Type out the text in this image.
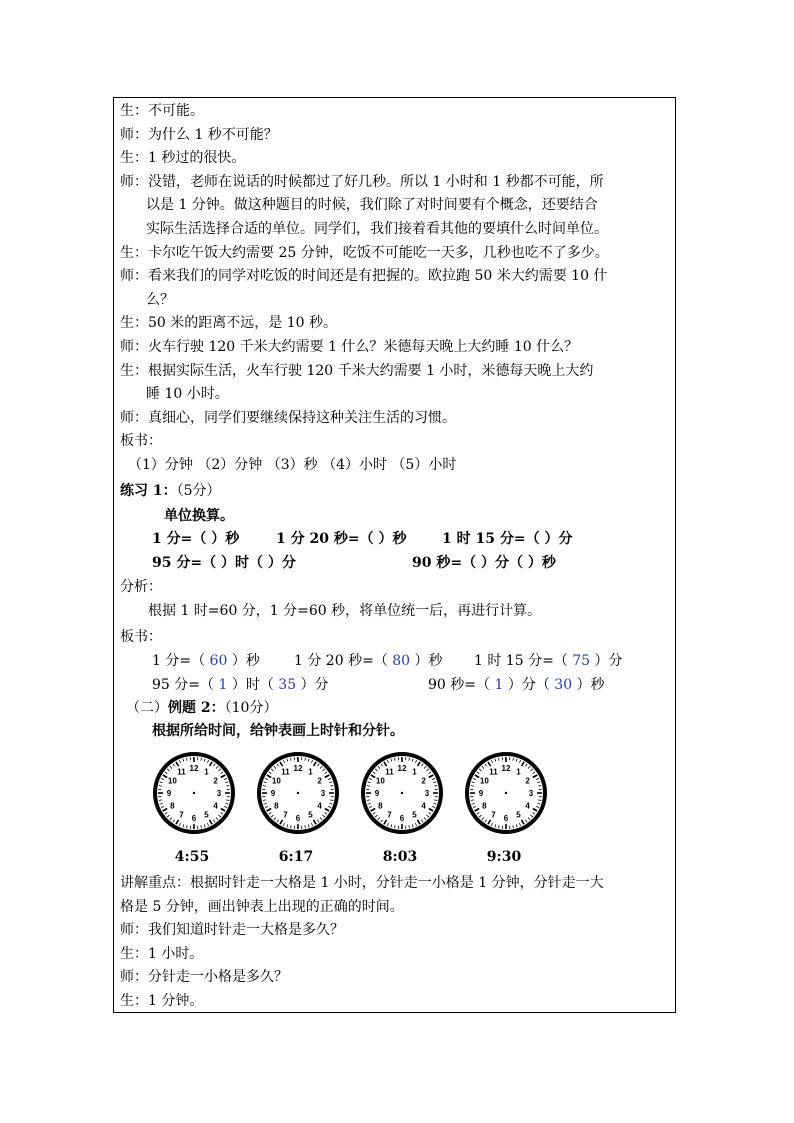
生：不可能。
师：为什么 1 秒不可能？
生：1 秒过的很快。
师：没错，老师在说话的时候都过了好几秒。所以 1 小时和 1 秒都不可能，所
以是 1 分钟。做这种题目的时候，我们除了对时间要有个概念，还要结合
实际生活选择合适的单位。同学们，我们接着看其他的要填什么时间单位。
生：卡尔吃午饭大约需要 25 分钟，吃饭不可能吃一天多，几秒也吃不了多少。
师：看来我们的同学对吃饭的时间还是有把握的。欧拉跑 50 米大约需要 10 什
么？
生：50 米的距离不远，是 10 秒。
师：火车行驶 120 千米大约需要 1 什么？米德每天晚上大约睡 10 什么？
生：根据实际生活，火车行驶 120 千米大约需要 1 小时，米德每天晚上大约
睡 10 小时。
师：真细心，同学们要继续保持这种关注生活的习惯。
板书：
（1）分钟 （2）分钟 （3）秒 （4）小时 （5）小时
练习 1：（5分）
单位换算。
1 分=（ ）秒	1 分 20 秒=（ ）秒	1 时 15 分=（ ）分
95 分=（ ）时（ ）分	90 秒=（ ）分（ ）秒
分析：
根据 1 时=60 分，1 分=60 秒，将单位统一后，再进行计算。
板书：
1 分=（ 60 ）秒 1 分 20 秒=（ 80 ）秒 1 时 15 分=（ 75 ）分
95 分=（ 1 ）时（ 35 ）分	90 秒=（ 1 ）分（ 30 ）秒
（二）例题 2：（10分）
根据所给时间，给钟表画上时针和分针。
12 1
2
3
4
5
6
7
8
9
10
11	12 1
2
3
4
5
6
7
8
9
10
11	12 1
2
3
4
5
6
7
8
9
10
11	12 1
2
3
4
5
6
7
8
9
10
11
4:55	6:17	8:03	9:30
讲解重点：根据时针走一大格是 1 小时，分针走一小格是 1 分钟，分针走一大
格是 5 分钟，画出钟表上出现的正确的时间。
师：我们知道时针走一大格是多久？
生：1 小时。
师：分针走一小格是多久？
生：1 分钟。
